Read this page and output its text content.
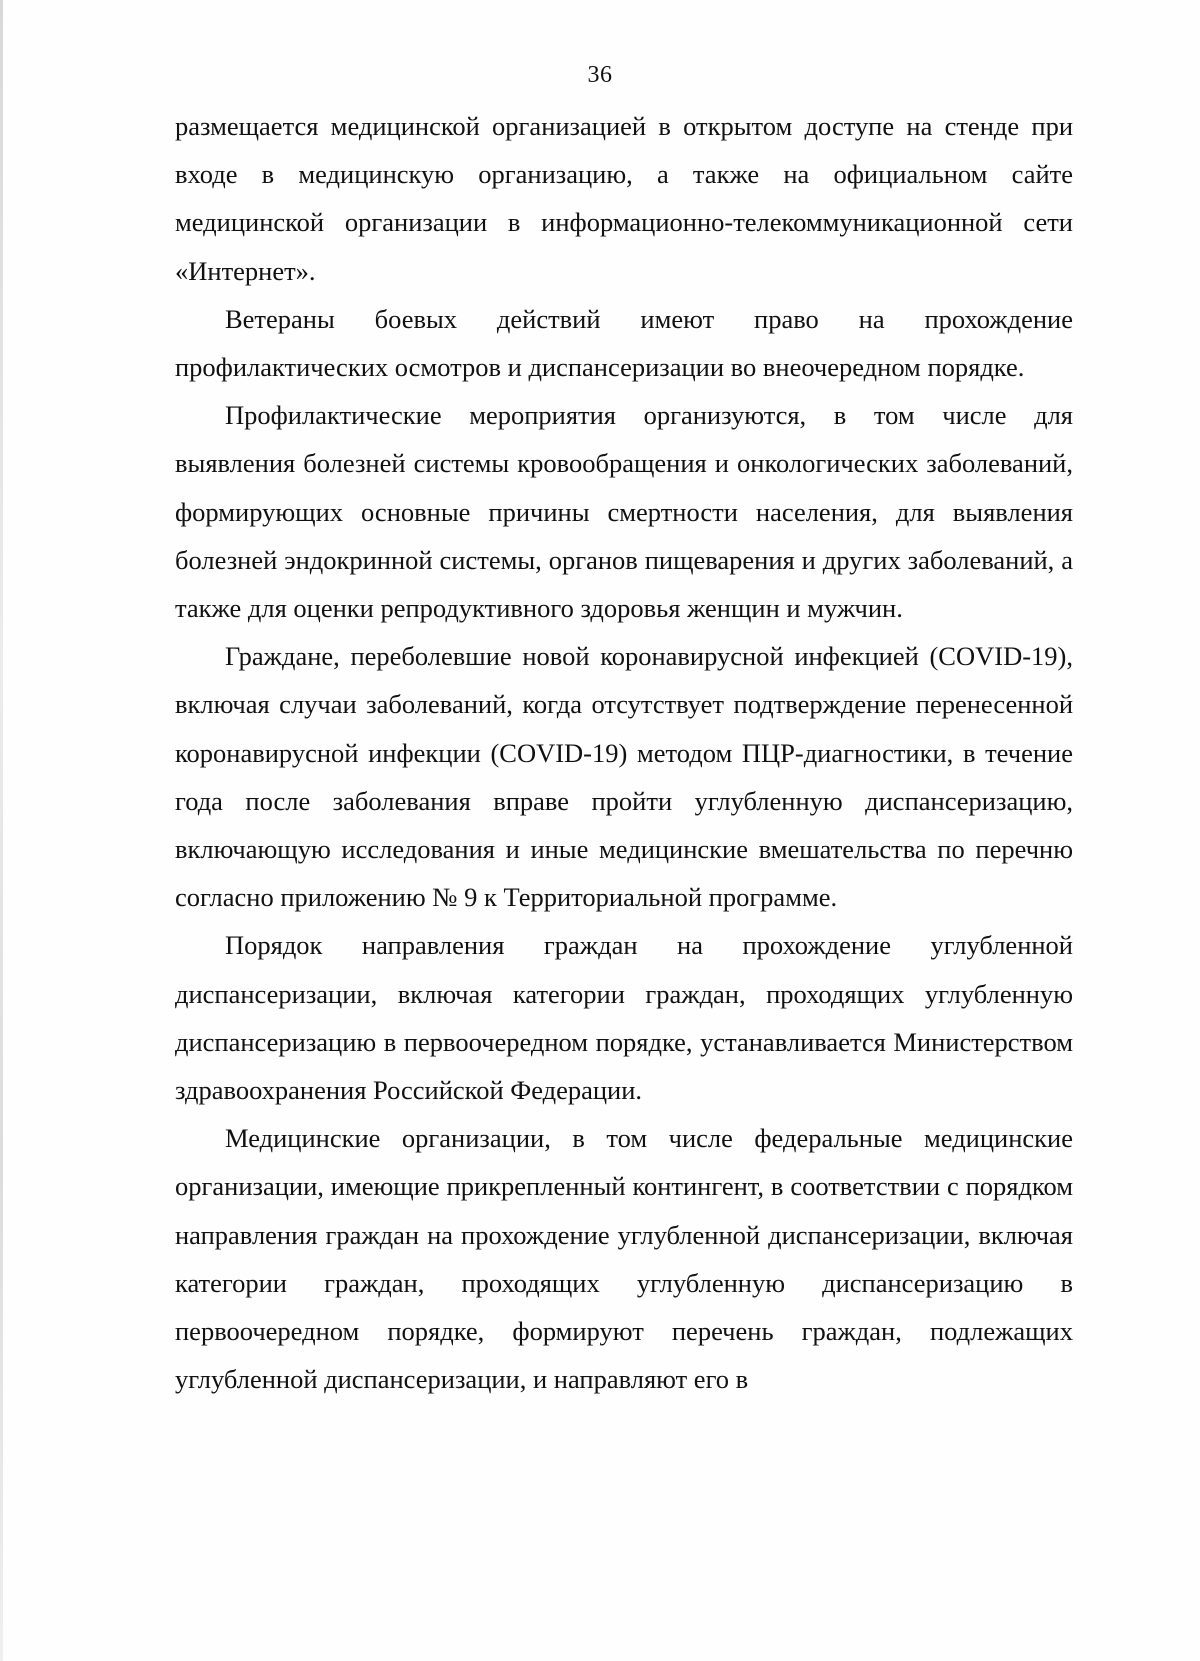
36

размещается медицинской организацией в открытом доступе на стенде при входе в медицинскую организацию, а также на официальном сайте медицинской организации в информационно-телекоммуникационной сети «Интернет».

Ветераны боевых действий имеют право на прохождение профилактических осмотров и диспансеризации во внеочередном порядке.

Профилактические мероприятия организуются, в том числе для выявления болезней системы кровообращения и онкологических заболеваний, формирующих основные причины смертности населения, для выявления болезней эндокринной системы, органов пищеварения и других заболеваний, а также для оценки репродуктивного здоровья женщин и мужчин.

Граждане, переболевшие новой коронавирусной инфекцией (COVID-19), включая случаи заболеваний, когда отсутствует подтверждение перенесенной коронавирусной инфекции (COVID-19) методом ПЦР-диагностики, в течение года после заболевания вправе пройти углубленную диспансеризацию, включающую исследования и иные медицинские вмешательства по перечню согласно приложению № 9 к Территориальной программе.

Порядок направления граждан на прохождение углубленной диспансеризации, включая категории граждан, проходящих углубленную диспансеризацию в первоочередном порядке, устанавливается Министерством здравоохранения Российской Федерации.

Медицинские организации, в том числе федеральные медицинские организации, имеющие прикрепленный контингент, в соответствии с порядком направления граждан на прохождение углубленной диспансеризации, включая категории граждан, проходящих углубленную диспансеризацию в первоочередном порядке, формируют перечень граждан, подлежащих углубленной диспансеризации, и направляют его в
